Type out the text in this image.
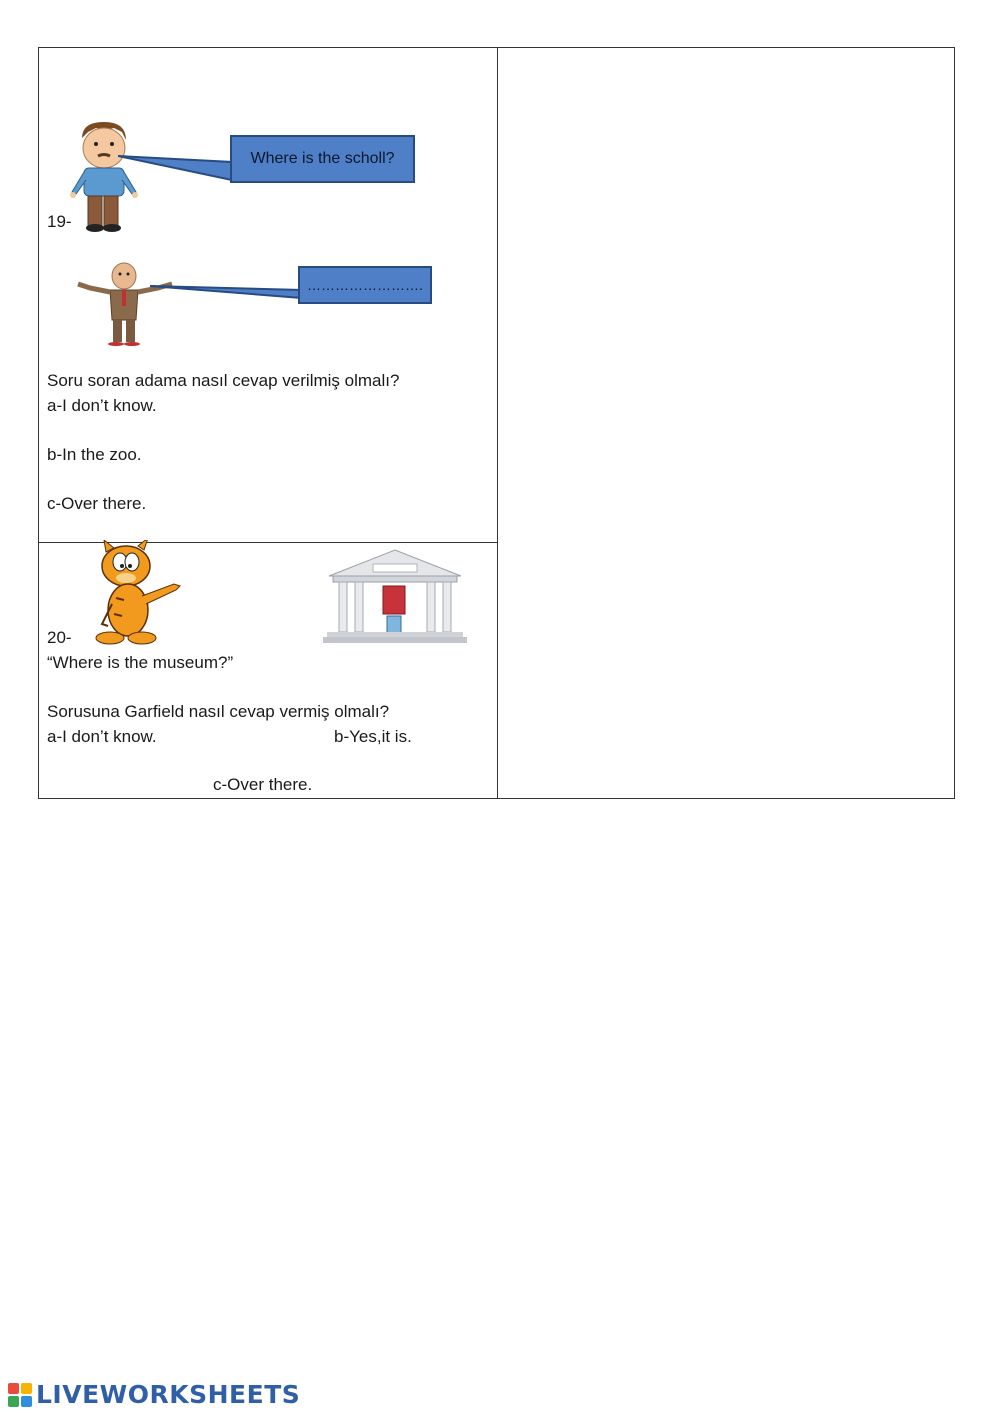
Where is the scholl?
19-
…………………….
Soru soran adama nasıl cevap verilmiş olmalı?
a-I don’t know.
b-In the zoo.
c-Over there.
20-
“Where is the museum?”
Sorusuna Garfield nasıl cevap vermiş olmalı?
a-I don’t know.	b-Yes,it is.
c-Over there.
LIVEWORKSHEETS
